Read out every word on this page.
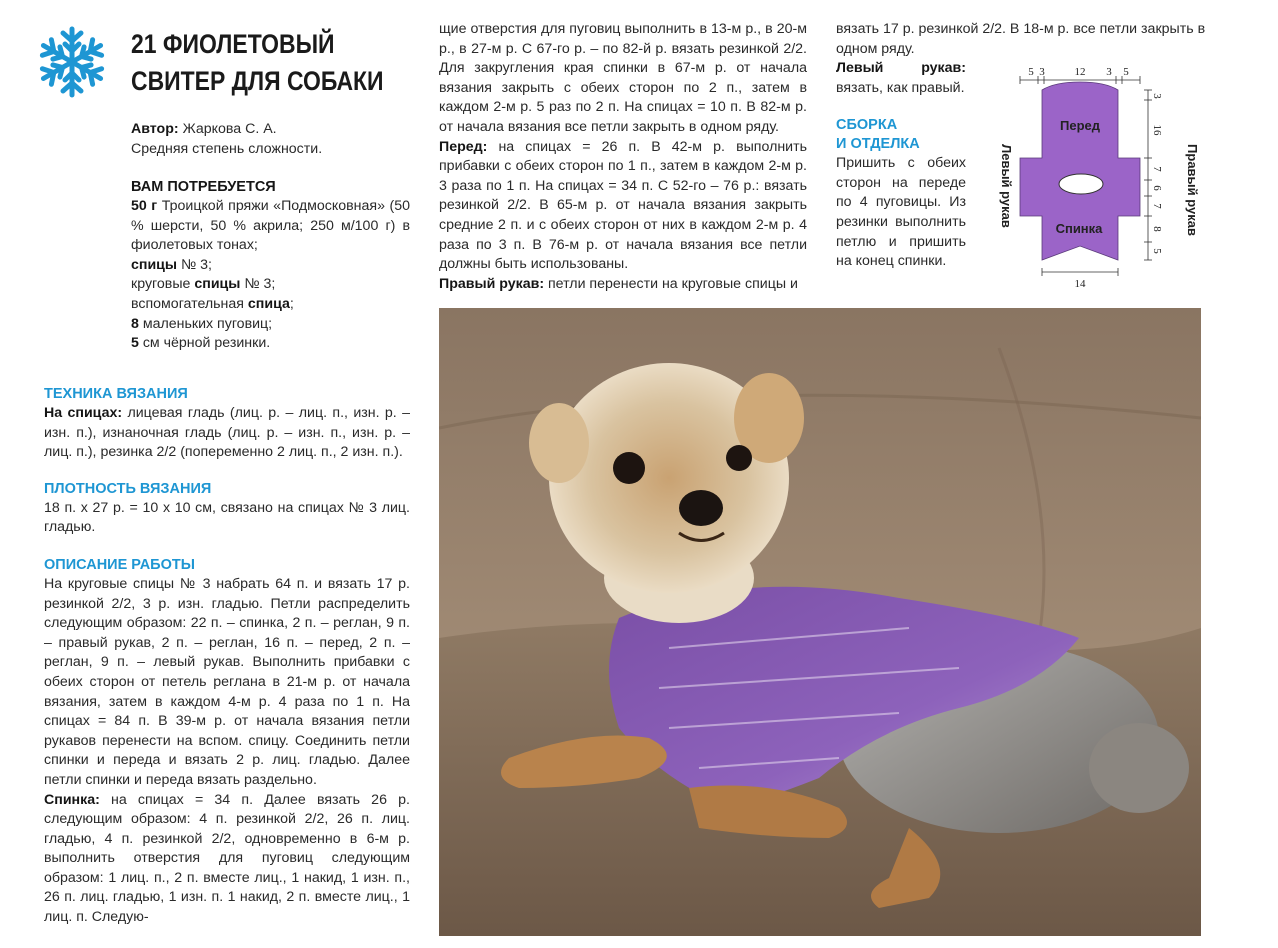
21 ФИОЛЕТОВЫЙ
СВИТЕР ДЛЯ СОБАКИ

Автор: Жаркова С. А.

Средняя степень сложности.

ВАМ ПОТРЕБУЕТСЯ

50 г Троицкой пряжи «Подмосковная» (50 % шерсти, 50 % акрила; 250 м/100 г) в фиолетовых тонах;

спицы № 3;

круговые спицы № 3;

вспомогательная спица;

8 маленьких пуговиц;

5 см чёрной резинки.

ТЕХНИКА ВЯЗАНИЯ

На спицах: лицевая гладь (лиц. р. – лиц. п., изн. р. – изн. п.), изнаночная гладь (лиц. р. – изн. п., изн. р. – лиц. п.), резинка 2/2 (попеременно 2 лиц. п., 2 изн. п.).

ПЛОТНОСТЬ ВЯЗАНИЯ

18 п. х 27 р. = 10 х 10 см, связано на спицах № 3 лиц. гладью.

ОПИСАНИЕ РАБОТЫ

На круговые спицы № 3 набрать 64 п. и вязать 17 р. резинкой 2/2, 3 р. изн. гладью. Петли распределить следующим образом: 22 п. – спинка, 2 п. – реглан, 9 п. – правый рукав, 2 п. – реглан, 16 п. – перед, 2 п. – реглан, 9 п. – левый рукав. Выполнить прибавки с обеих сторон от петель реглана в 21-м р. от начала вязания, затем в каждом 4-м р. 4 раза по 1 п. На спицах = 84 п. В 39-м р. от начала вязания петли рукавов перенести на вспом. спицу. Соединить петли спинки и переда и вязать 2 р. лиц. гладью. Далее петли спинки и переда вязать раздельно.

Спинка: на спицах = 34 п. Далее вязать 26 р. следующим образом: 4 п. резинкой 2/2, 26 п. лиц. гладью, 4 п. резинкой 2/2, одновременно в 6-м р. выполнить отверстия для пуговиц следующим образом: 1 лиц. п., 2 п. вместе лиц., 1 накид, 1 изн. п., 26 п. лиц. гладью, 1 изн. п. 1 накид, 2 п. вместе лиц., 1 лиц. п. Следую-

щие отверстия для пуговиц выполнить в 13-м р., в 20-м р., в 27-м р. С 67-го р. – по 82-й р. вязать резинкой 2/2. Для закругления края спинки в 67-м р. от начала вязания закрыть с обеих сторон по 2 п., затем в каждом 2-м р. 5 раз по 2 п. На спицах = 10 п. В 82-м р. от начала вязания все петли закрыть в одном ряду.

Перед: на спицах = 26 п. В 42-м р. выполнить прибавки с обеих сторон по 1 п., затем в каждом 2-м р. 3 раза по 1 п. На спицах = 34 п. С 52-го – 76 р.: вязать резинкой 2/2. В 65-м р. от начала вязания закрыть средние 2 п. и с обеих сторон от них в каждом 2-м р. 4 раза по 3 п. В 76-м р. от начала вязания все петли должны быть использованы.

Правый рукав: петли перенести на круговые спицы и

вязать 17 р. резинкой 2/2. В 18-м р. все петли закрыть в одном ряду.

Левый рукав: вязать, как правый.

СБОРКА

И ОТДЕЛКА

Пришить с обеих сторон на переде по 4 пуговицы. Из резинки выполнить петлю и пришить на конец спинки.

Перед
Спинка
Левый рукав	Правый рукав
5 3	12 3 5
3
16
7
6
7
8
5
14
